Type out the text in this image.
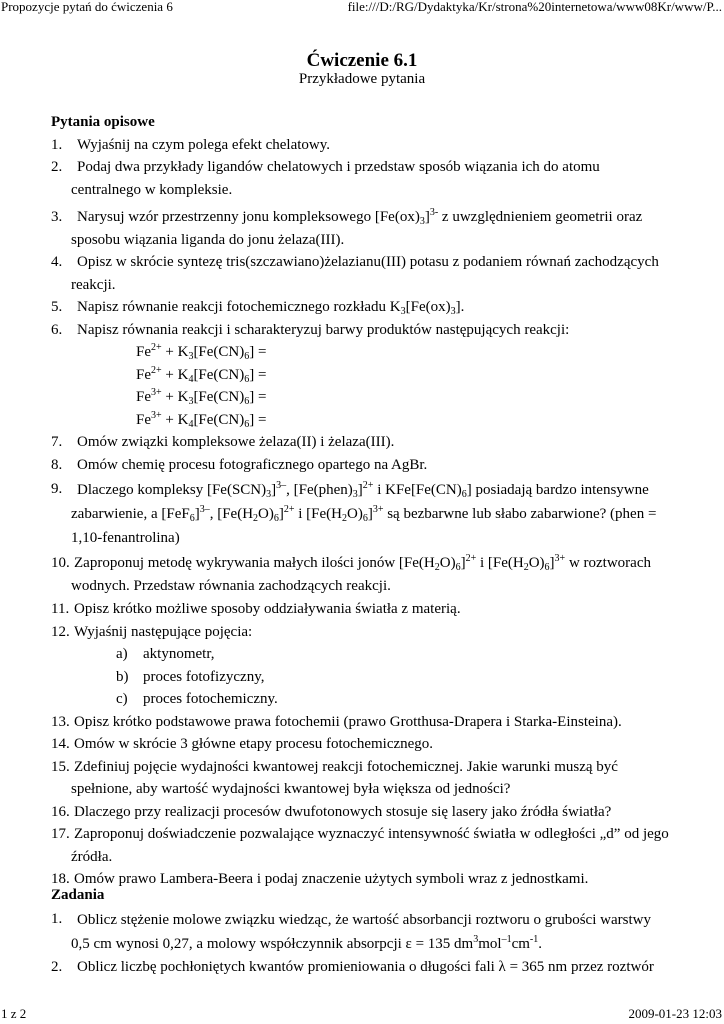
Propozycje pytań do ćwiczenia 6	file:///D:/RG/Dydaktyka/Kr/strona%20internetowa/www08Kr/www/P...
Ćwiczenie 6.1
Przykładowe pytania
Pytania opisowe
1. Wyjaśnij na czym polega efekt chelatowy.
2. Podaj dwa przykłady ligandów chelatowych i przedstaw sposób wiązania ich do atomu centralnego w kompleksie.
3. Narysuj wzór przestrzenny jonu kompleksowego $[Fe(ox)_3]^{3-}$ z uwzględnieniem geometrii oraz sposobu wiązania liganda do jonu żelaza(III).
4. Opisz w skrócie syntezę tris(szczawiano)żelazianu(III) potasu z podaniem równań zachodzących reakcji.
5. Napisz równanie reakcji fotochemicznego rozkładu $K_3[Fe(ox)_3]$.
6. Napisz równania reakcji i scharakteryzuj barwy produktów następujących reakcji:
$Fe^{2+} + K_3[Fe(CN)_6]$ =
$Fe^{2+} + K_4[Fe(CN)_6]$ =
$Fe^{3+} + K_3[Fe(CN)_6]$ =
$Fe^{3+} + K_4[Fe(CN)_6]$ =
7. Omów związki kompleksowe żelaza(II) i żelaza(III).
8. Omów chemię procesu fotograficznego opartego na AgBr.
9. Dlaczego kompleksy $[Fe(SCN)_3]^{3-}$, $[Fe(phen)_3]^{2+}$ i $KFe[Fe(CN)_6]$ posiadają bardzo intensywne zabarwienie, a $[FeF_6]^{3-}$, $[Fe(H_2O)_6]^{2+}$ i $[Fe(H_2O)_6]^{3+}$ są bezbarwne lub słabo zabarwione? (phen = 1,10-fenantrolina)
10. Zaproponuj metodę wykrywania małych ilości jonów $[Fe(H_2O)_6]^{2+}$ i $[Fe(H_2O)_6]^{3+}$ w roztworach wodnych. Przedstaw równania zachodzących reakcji.
11. Opisz krótko możliwe sposoby oddziaływania światła z materią.
12. Wyjaśnij następujące pojęcia:
a) aktynometr,
b) proces fotofizyczny,
c) proces fotochemiczny.
13. Opisz krótko podstawowe prawa fotochemii (prawo Grotthusa-Drapera i Starka-Einsteina).
14. Omów w skrócie 3 główne etapy procesu fotochemicznego.
15. Zdefiniuj pojęcie wydajności kwantowej reakcji fotochemicznej. Jakie warunki muszą być spełnione, aby wartość wydajności kwantowej była większa od jedności?
16. Dlaczego przy realizacji procesów dwufotonowych stosuje się lasery jako źródła światła?
17. Zaproponuj doświadczenie pozwalające wyznaczyć intensywność światła w odległości „d” od jego źródła.
18. Omów prawo Lambera-Beera i podaj znaczenie użytych symboli wraz z jednostkami.
Zadania
1. Oblicz stężenie molowe związku wiedząc, że wartość absorbancji roztworu o grubości warstwy 0,5 cm wynosi 0,27, a molowy współczynnik absorpcji ε = 135 $dm^3mol^{-1}cm^{-1}$.
2. Oblicz liczbę pochłoniętych kwantów promieniowania o długości fali λ = 365 nm przez roztwór
1 z 2	2009-01-23 12:03
